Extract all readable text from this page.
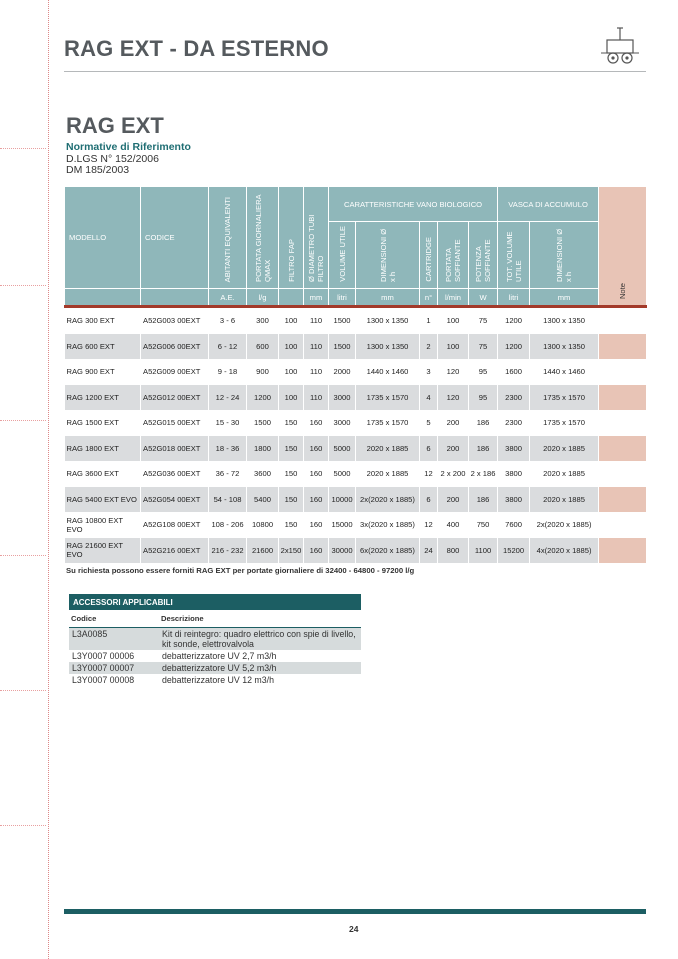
RAG EXT - DA ESTERNO
RAG EXT
Normative di Riferimento
D.LGS N° 152/2006
DM 185/2003
MODELLO	CODICE	ABITANTI EQUIVALENTI	PORTATA GIORNALIERA QMAX	FILTRO FAP	Ø DIAMETRO TUBI FILTRO	CARATTERISTICHE VANO BIOLOGICO					VASCA DI ACCUMULO		Note
						VOLUME UTILE	DIMENSIONI Ø x h	CARTRIDGE	PORTATA SOFFIANTE	POTENZA SOFFIANTE	TOT. VOLUME UTILE	DIMENSIONI Ø x h	
		A.E.	l/g		mm	litri	mm	n°	l/min	W	litri	mm	
RAG 300 EXT	A52G003 00EXT	3 - 6	300	100	110	1500	1300 x 1350	1	100	75	1200	1300 x 1350	
RAG 600 EXT	A52G006 00EXT	6 - 12	600	100	110	1500	1300 x 1350	2	100	75	1200	1300 x 1350	
RAG 900 EXT	A52G009 00EXT	9 - 18	900	100	110	2000	1440 x 1460	3	120	95	1600	1440 x 1460	
RAG 1200 EXT	A52G012 00EXT	12 - 24	1200	100	110	3000	1735 x 1570	4	120	95	2300	1735 x 1570	
RAG 1500 EXT	A52G015 00EXT	15 - 30	1500	150	160	3000	1735 x 1570	5	200	186	2300	1735 x 1570	
RAG 1800 EXT	A52G018 00EXT	18 - 36	1800	150	160	5000	2020 x 1885	6	200	186	3800	2020 x 1885	
RAG 3600 EXT	A52G036 00EXT	36 - 72	3600	150	160	5000	2020 x 1885	12	2 x 200	2 x 186	3800	2020 x 1885	
RAG 5400 EXT EVO	A52G054 00EXT	54 - 108	5400	150	160	10000	2x(2020 x 1885)	6	200	186	3800	2020 x 1885	
RAG 10800 EXT EVO	A52G108 00EXT	108 - 206	10800	150	160	15000	3x(2020 x 1885)	12	400	750	7600	2x(2020 x 1885)	
RAG 21600 EXT EVO	A52G216 00EXT	216 - 232	21600	2x150	160	30000	6x(2020 x 1885)	24	800	1100	15200	4x(2020 x 1885)	
Su richiesta possono essere forniti RAG EXT per portate giornaliere di 32400 - 64800 - 97200 l/g
ACCESSORI APPLICABILI	
Codice	Descrizione
L3A0085	Kit di reintegro: quadro elettrico con spie di livello, kit sonde, elettrovalvola
L3Y0007 00006	debatterizzatore UV 2,7 m3/h
L3Y0007 00007	debatterizzatore UV 5,2 m3/h
L3Y0007 00008	debatterizzatore UV 12 m3/h
24
